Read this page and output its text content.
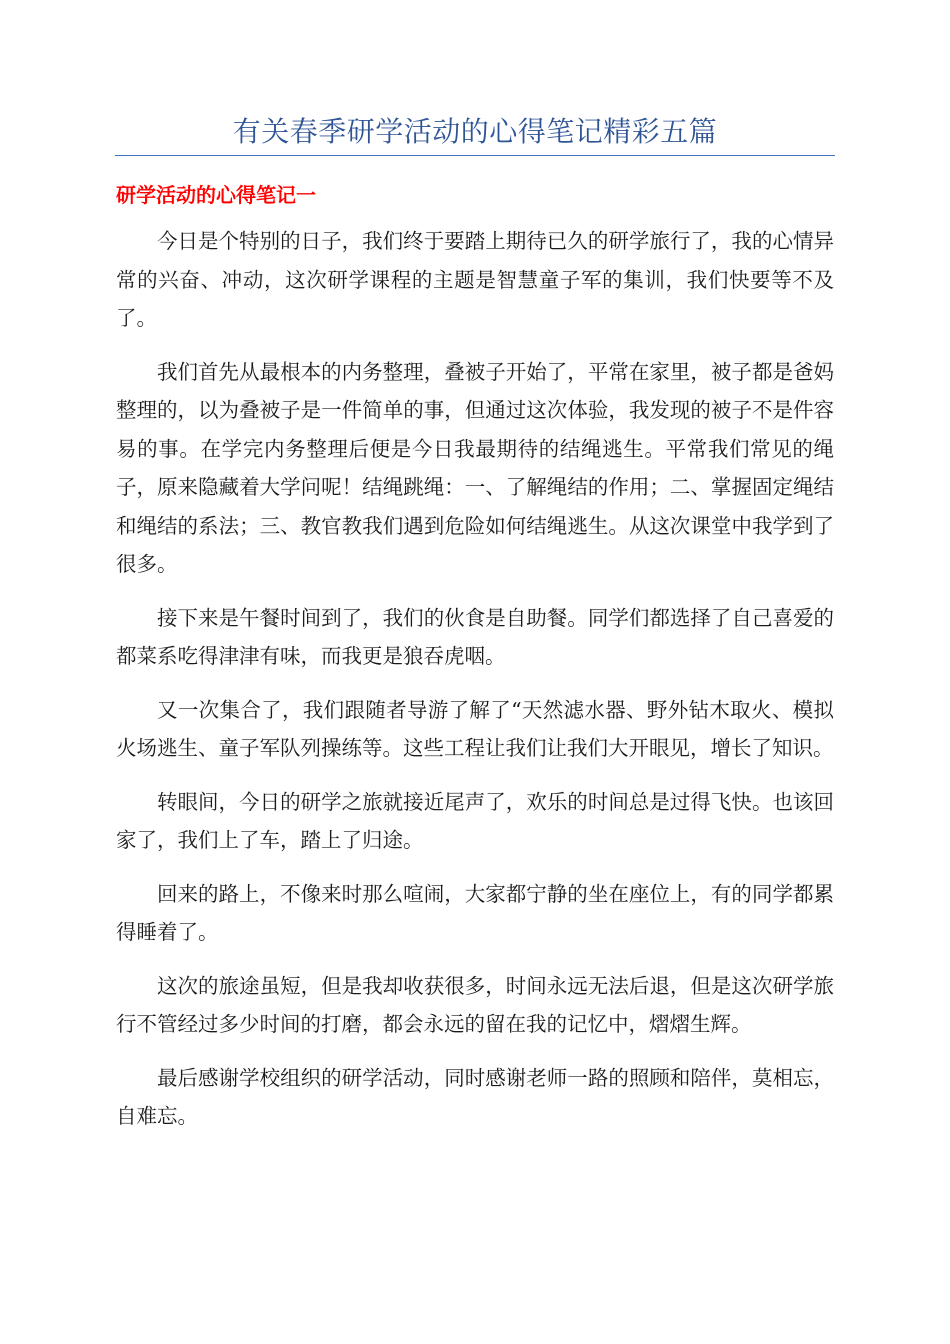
有关春季研学活动的心得笔记精彩五篇
研学活动的心得笔记一

今日是个特别的日子，我们终于要踏上期待已久的研学旅行了，我的心情异常的兴奋、冲动，这次研学课程的主题是智慧童子军的集训，我们快要等不及了。

我们首先从最根本的内务整理，叠被子开始了，平常在家里，被子都是爸妈整理的，以为叠被子是一件简单的事，但通过这次体验，我发现的被子不是件容易的事。在学完内务整理后便是今日我最期待的结绳逃生。平常我们常见的绳子，原来隐藏着大学问呢！结绳跳绳：一、了解绳结的作用；二、掌握固定绳结和绳结的系法；三、教官教我们遇到危险如何结绳逃生。从这次课堂中我学到了很多。

接下来是午餐时间到了，我们的伙食是自助餐。同学们都选择了自己喜爱的都菜系吃得津津有味，而我更是狼吞虎咽。

又一次集合了，我们跟随者导游了解了“天然滤水器、野外钻木取火、模拟火场逃生、童子军队列操练等。这些工程让我们让我们大开眼见，增长了知识。

转眼间，今日的研学之旅就接近尾声了，欢乐的时间总是过得飞快。也该回家了，我们上了车，踏上了归途。

回来的路上，不像来时那么喧闹，大家都宁静的坐在座位上，有的同学都累得睡着了。

这次的旅途虽短，但是我却收获很多，时间永远无法后退，但是这次研学旅行不管经过多少时间的打磨，都会永远的留在我的记忆中，熠熠生辉。

最后感谢学校组织的研学活动，同时感谢老师一路的照顾和陪伴，莫相忘，自难忘。
